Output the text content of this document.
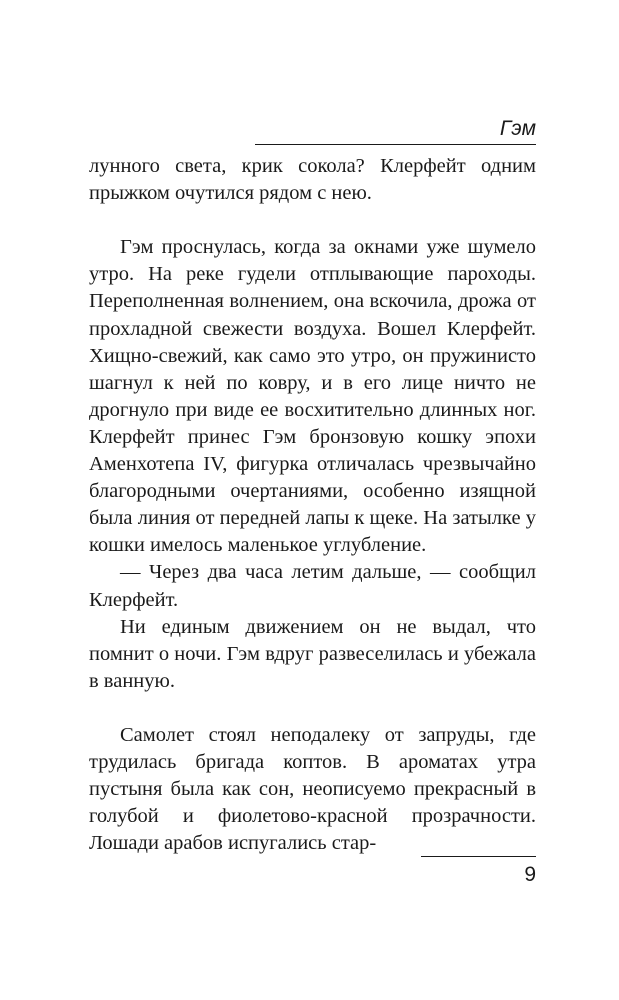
Гэм

лунного света, крик сокола? Клерфейт одним прыжком очутился рядом с нею.

Гэм проснулась, когда за окнами уже шумело утро. На реке гудели отплывающие пароходы. Переполненная волнением, она вскочила, дрожа от прохладной свежести воздуха. Вошел Клерфейт. Хищно-свежий, как само это утро, он пружинисто шагнул к ней по ковру, и в его лице ничто не дрогнуло при виде ее восхитительно длинных ног. Клерфейт принес Гэм бронзовую кошку эпохи Аменхотепа IV, фигурка отличалась чрезвычайно благородными очертаниями, особенно изящной была линия от передней лапы к щеке. На затылке у кошки имелось маленькое углубление.

— Через два часа летим дальше, — сообщил Клерфейт.

Ни единым движением он не выдал, что помнит о ночи. Гэм вдруг развеселилась и убежала в ванную.

Самолет стоял неподалеку от запруды, где трудилась бригада коптов. В ароматах утра пустыня была как сон, неописуемо прекрасный в голубой и фиолетово-красной прозрачности. Лошади арабов испугались стар-

9
